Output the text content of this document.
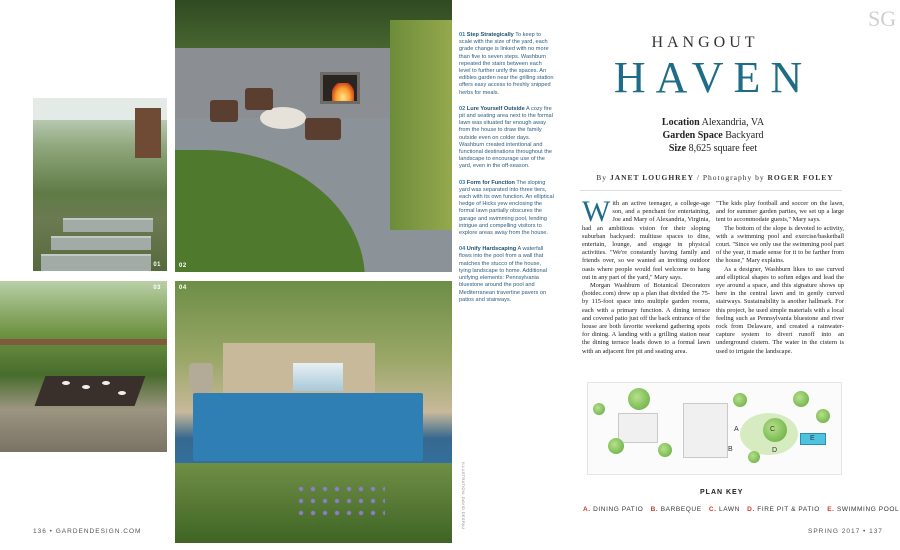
01	02
03	04
01 Step Strategically To keep to scale with the size of the yard, each grade change is linked with no more than five to seven steps. Washburn repeated the stairs between each level to further unify the spaces. An edibles garden near the grilling station offers easy access to freshly snipped herbs for meals.
02 Lure Yourself Outside A cozy fire pit and seating area next to the formal lawn was situated far enough away from the house to draw the family outside even on colder days. Washburn created intentional and functional destinations throughout the landscape to encourage use of the yard, even in the off-season.
03 Form for Function The sloping yard was separated into three tiers, each with its own function. An elliptical hedge of Hicks yew enclosing the formal lawn partially obscures the garage and swimming pool, lending intrigue and compelling visitors to explore areas away from the house.
04 Unify Hardscaping A waterfall flows into the pool from a wall that matches the stucco of the house, tying landscape to home. Additional unifying elements: Pennsylvania bluestone around the pool and Mediterranean travertine pavers on patios and stairways.
ILLUSTRATION: DAVID DESPAU
SG
HANGOUT
HAVEN
Location Alexandria, VA
Garden Space Backyard
Size 8,625 square feet
By JANET LOUGHREY / Photography by ROGER FOLEY
W ith an active teenager, a college-age son, and a penchant for entertaining, Joe and Mary of Alexandria, Virginia, had an ambitious vision for their sloping suburban backyard: multiuse spaces to dine, entertain, lounge, and engage in physical activities. "We're constantly having family and friends over, so we wanted an inviting outdoor oasis where people would feel welcome to hang out in any part of the yard," Mary says.

Morgan Washburn of Botanical Decorators (botdec.com) drew up a plan that divided the 75-by 115-foot space into multiple garden rooms, each with a primary function. A dining terrace and covered patio just off the back entrance of the house are both favorite weekend gathering spots for dining. A landing with a grilling station near the dining terrace leads down to a formal lawn with an adjacent fire pit and seating area.

"The kids play football and soccer on the lawn, and for summer garden parties, we set up a large tent to accommodate guests," Mary says.

The bottom of the slope is devoted to activity, with a swimming pool and exercise/basketball court. "Since we only use the swimming pool part of the year, it made sense for it to be farther from the house," Mary explains.

As a designer, Washburn likes to use curved and elliptical shapes to soften edges and lead the eye around a space, and this signature shows up here in the central lawn and in gently curved stairways. Sustainability is another hallmark. For this project, he used simple materials with a local feeling such as Pennsylvania bluestone and river rock from Delaware, and created a rainwater-capture system to divert runoff into an underground cistern. The water in the cistern is used to irrigate the landscape.

A
B
C
D
E
PLAN KEY
A. DINING PATIO B. BARBEQUE C. LAWN D. FIRE PIT & PATIO E. SWIMMING POOL
136 • GARDENDESIGN.COM	SPRING 2017 • 137
